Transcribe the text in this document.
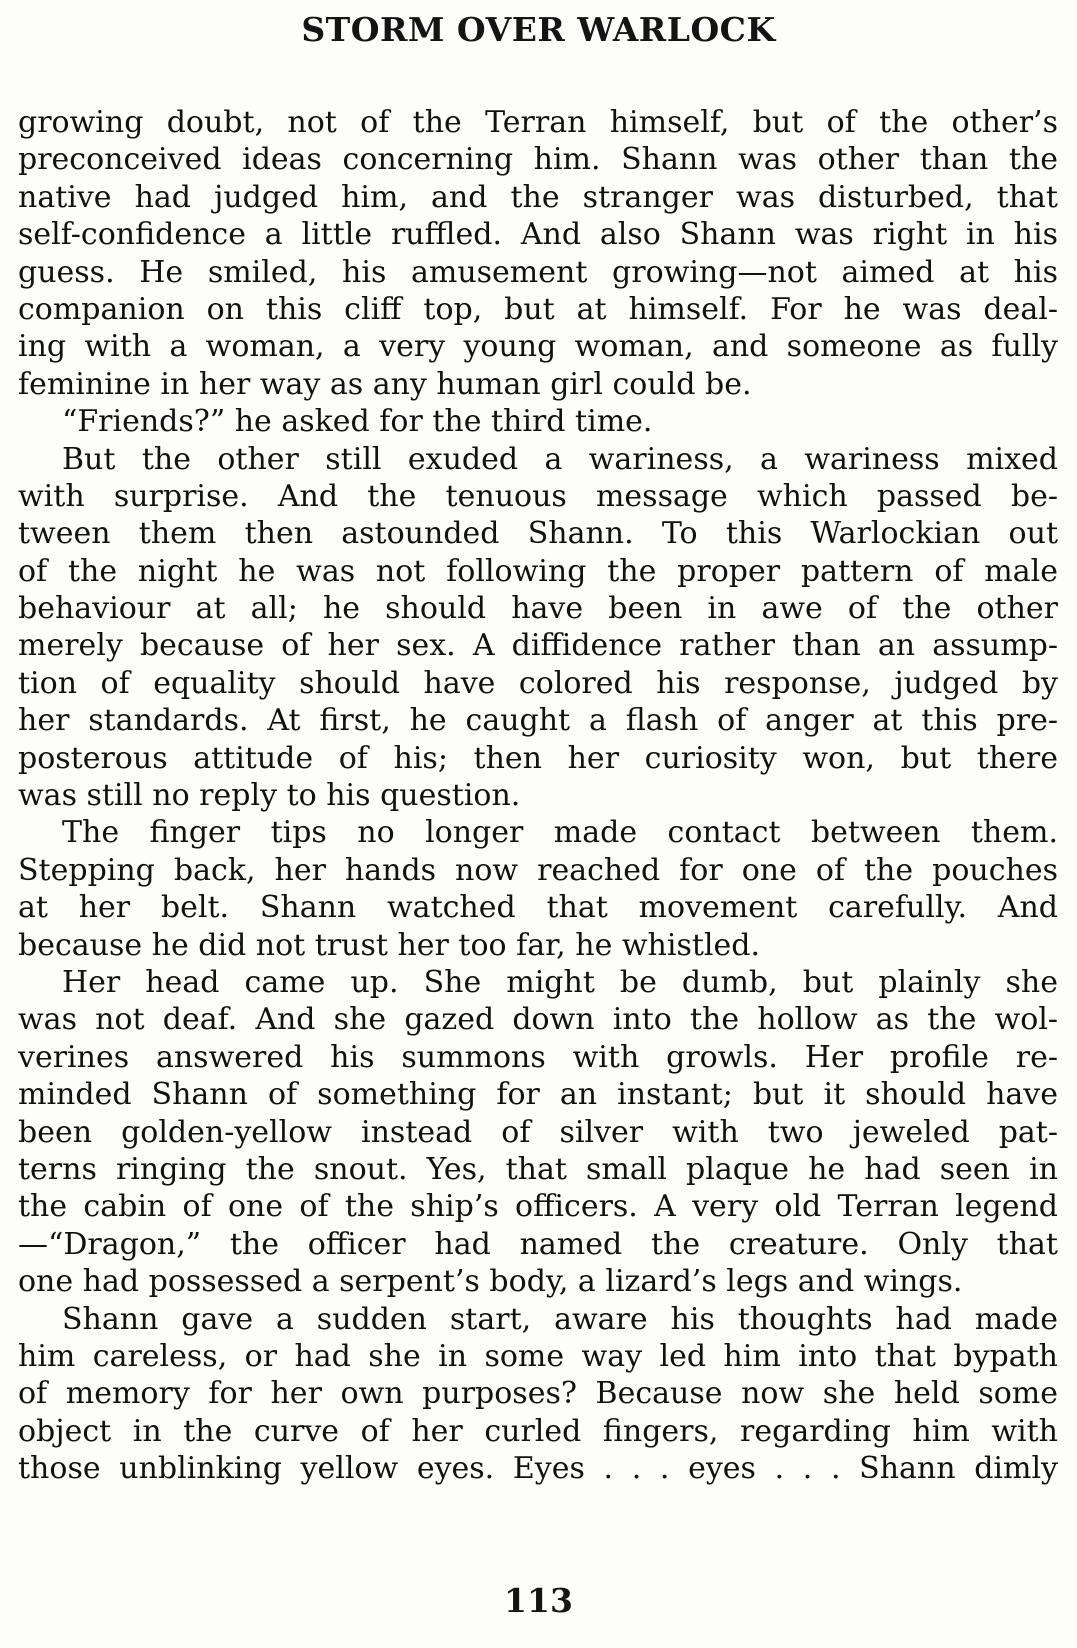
STORM OVER WARLOCK
growing doubt, not of the Terran himself, but of the other’s
preconceived ideas concerning him. Shann was other than the
native had judged him, and the stranger was disturbed, that
self-confidence a little ruffled. And also Shann was right in his
guess. He smiled, his amusement growing—not aimed at his
companion on this cliff top, but at himself. For he was deal-
ing with a woman, a very young woman, and someone as fully
feminine in her way as any human girl could be.
“Friends?” he asked for the third time.
But the other still exuded a wariness, a wariness mixed
with surprise. And the tenuous message which passed be-
tween them then astounded Shann. To this Warlockian out
of the night he was not following the proper pattern of male
behaviour at all; he should have been in awe of the other
merely because of her sex. A diffidence rather than an assump-
tion of equality should have colored his response, judged by
her standards. At first, he caught a flash of anger at this pre-
posterous attitude of his; then her curiosity won, but there
was still no reply to his question.
The finger tips no longer made contact between them.
Stepping back, her hands now reached for one of the pouches
at her belt. Shann watched that movement carefully. And
because he did not trust her too far, he whistled.
Her head came up. She might be dumb, but plainly she
was not deaf. And she gazed down into the hollow as the wol-
verines answered his summons with growls. Her profile re-
minded Shann of something for an instant; but it should have
been golden-yellow instead of silver with two jeweled pat-
terns ringing the snout. Yes, that small plaque he had seen in
the cabin of one of the ship’s officers. A very old Terran legend
—“Dragon,” the officer had named the creature. Only that
one had possessed a serpent’s body, a lizard’s legs and wings.
Shann gave a sudden start, aware his thoughts had made
him careless, or had she in some way led him into that bypath
of memory for her own purposes? Because now she held some
object in the curve of her curled fingers, regarding him with
those unblinking yellow eyes. Eyes . . . eyes . . . Shann dimly
113
